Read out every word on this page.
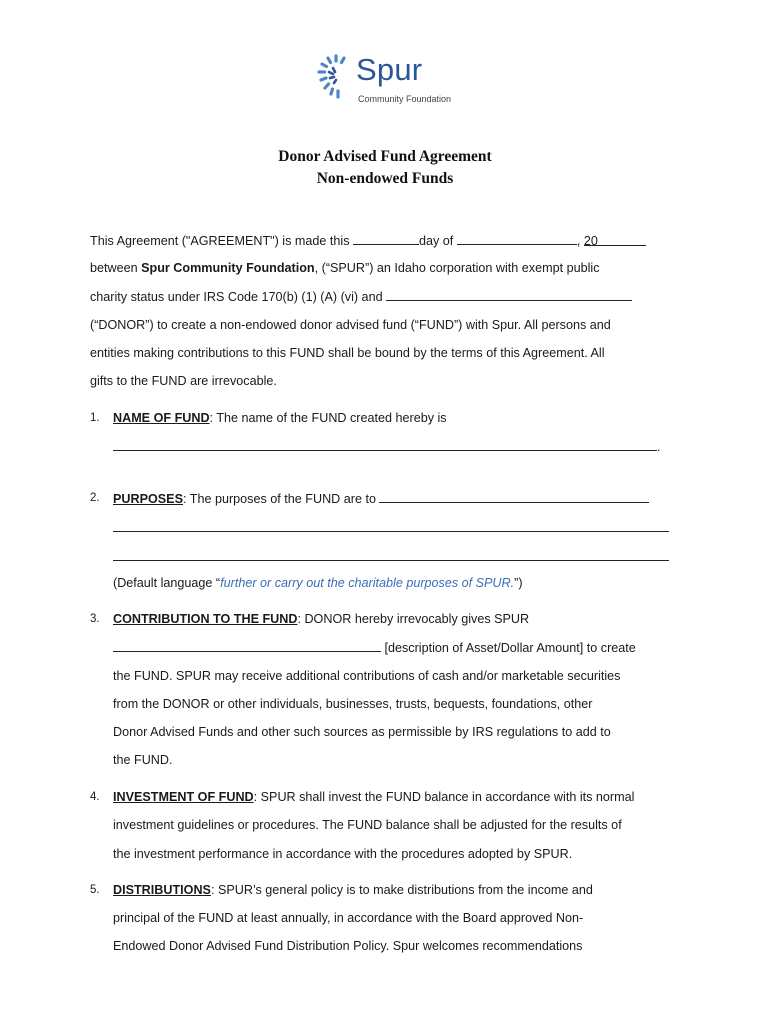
Spur
Community Foundation
Donor Advised Fund Agreement
Non-endowed Funds
This Agreement ("AGREEMENT") is made this	day of	, 20
between Spur Community Foundation, (“SPUR”) an Idaho corporation with exempt public
charity status under IRS Code 170(b) (1) (A) (vi) and
(“DONOR”) to create a non-endowed donor advised fund (“FUND”) with Spur. All persons and
entities making contributions to this FUND shall be bound by the terms of this Agreement. All
gifts to the FUND are irrevocable.
1. NAME OF FUND: The name of the FUND created hereby is
.
2. PURPOSES: The purposes of the FUND are to
(Default language “further or carry out the charitable purposes of SPUR.”)
3. CONTRIBUTION TO THE FUND: DONOR hereby irrevocably gives SPUR
[description of Asset/Dollar Amount] to create
the FUND. SPUR may receive additional contributions of cash and/or marketable securities
from the DONOR or other individuals, businesses, trusts, bequests, foundations, other
Donor Advised Funds and other such sources as permissible by IRS regulations to add to
the FUND.
4. INVESTMENT OF FUND: SPUR shall invest the FUND balance in accordance with its normal
investment guidelines or procedures. The FUND balance shall be adjusted for the results of
the investment performance in accordance with the procedures adopted by SPUR.
5. DISTRIBUTIONS: SPUR’s general policy is to make distributions from the income and
principal of the FUND at least annually, in accordance with the Board approved Non-
Endowed Donor Advised Fund Distribution Policy. Spur welcomes recommendations
